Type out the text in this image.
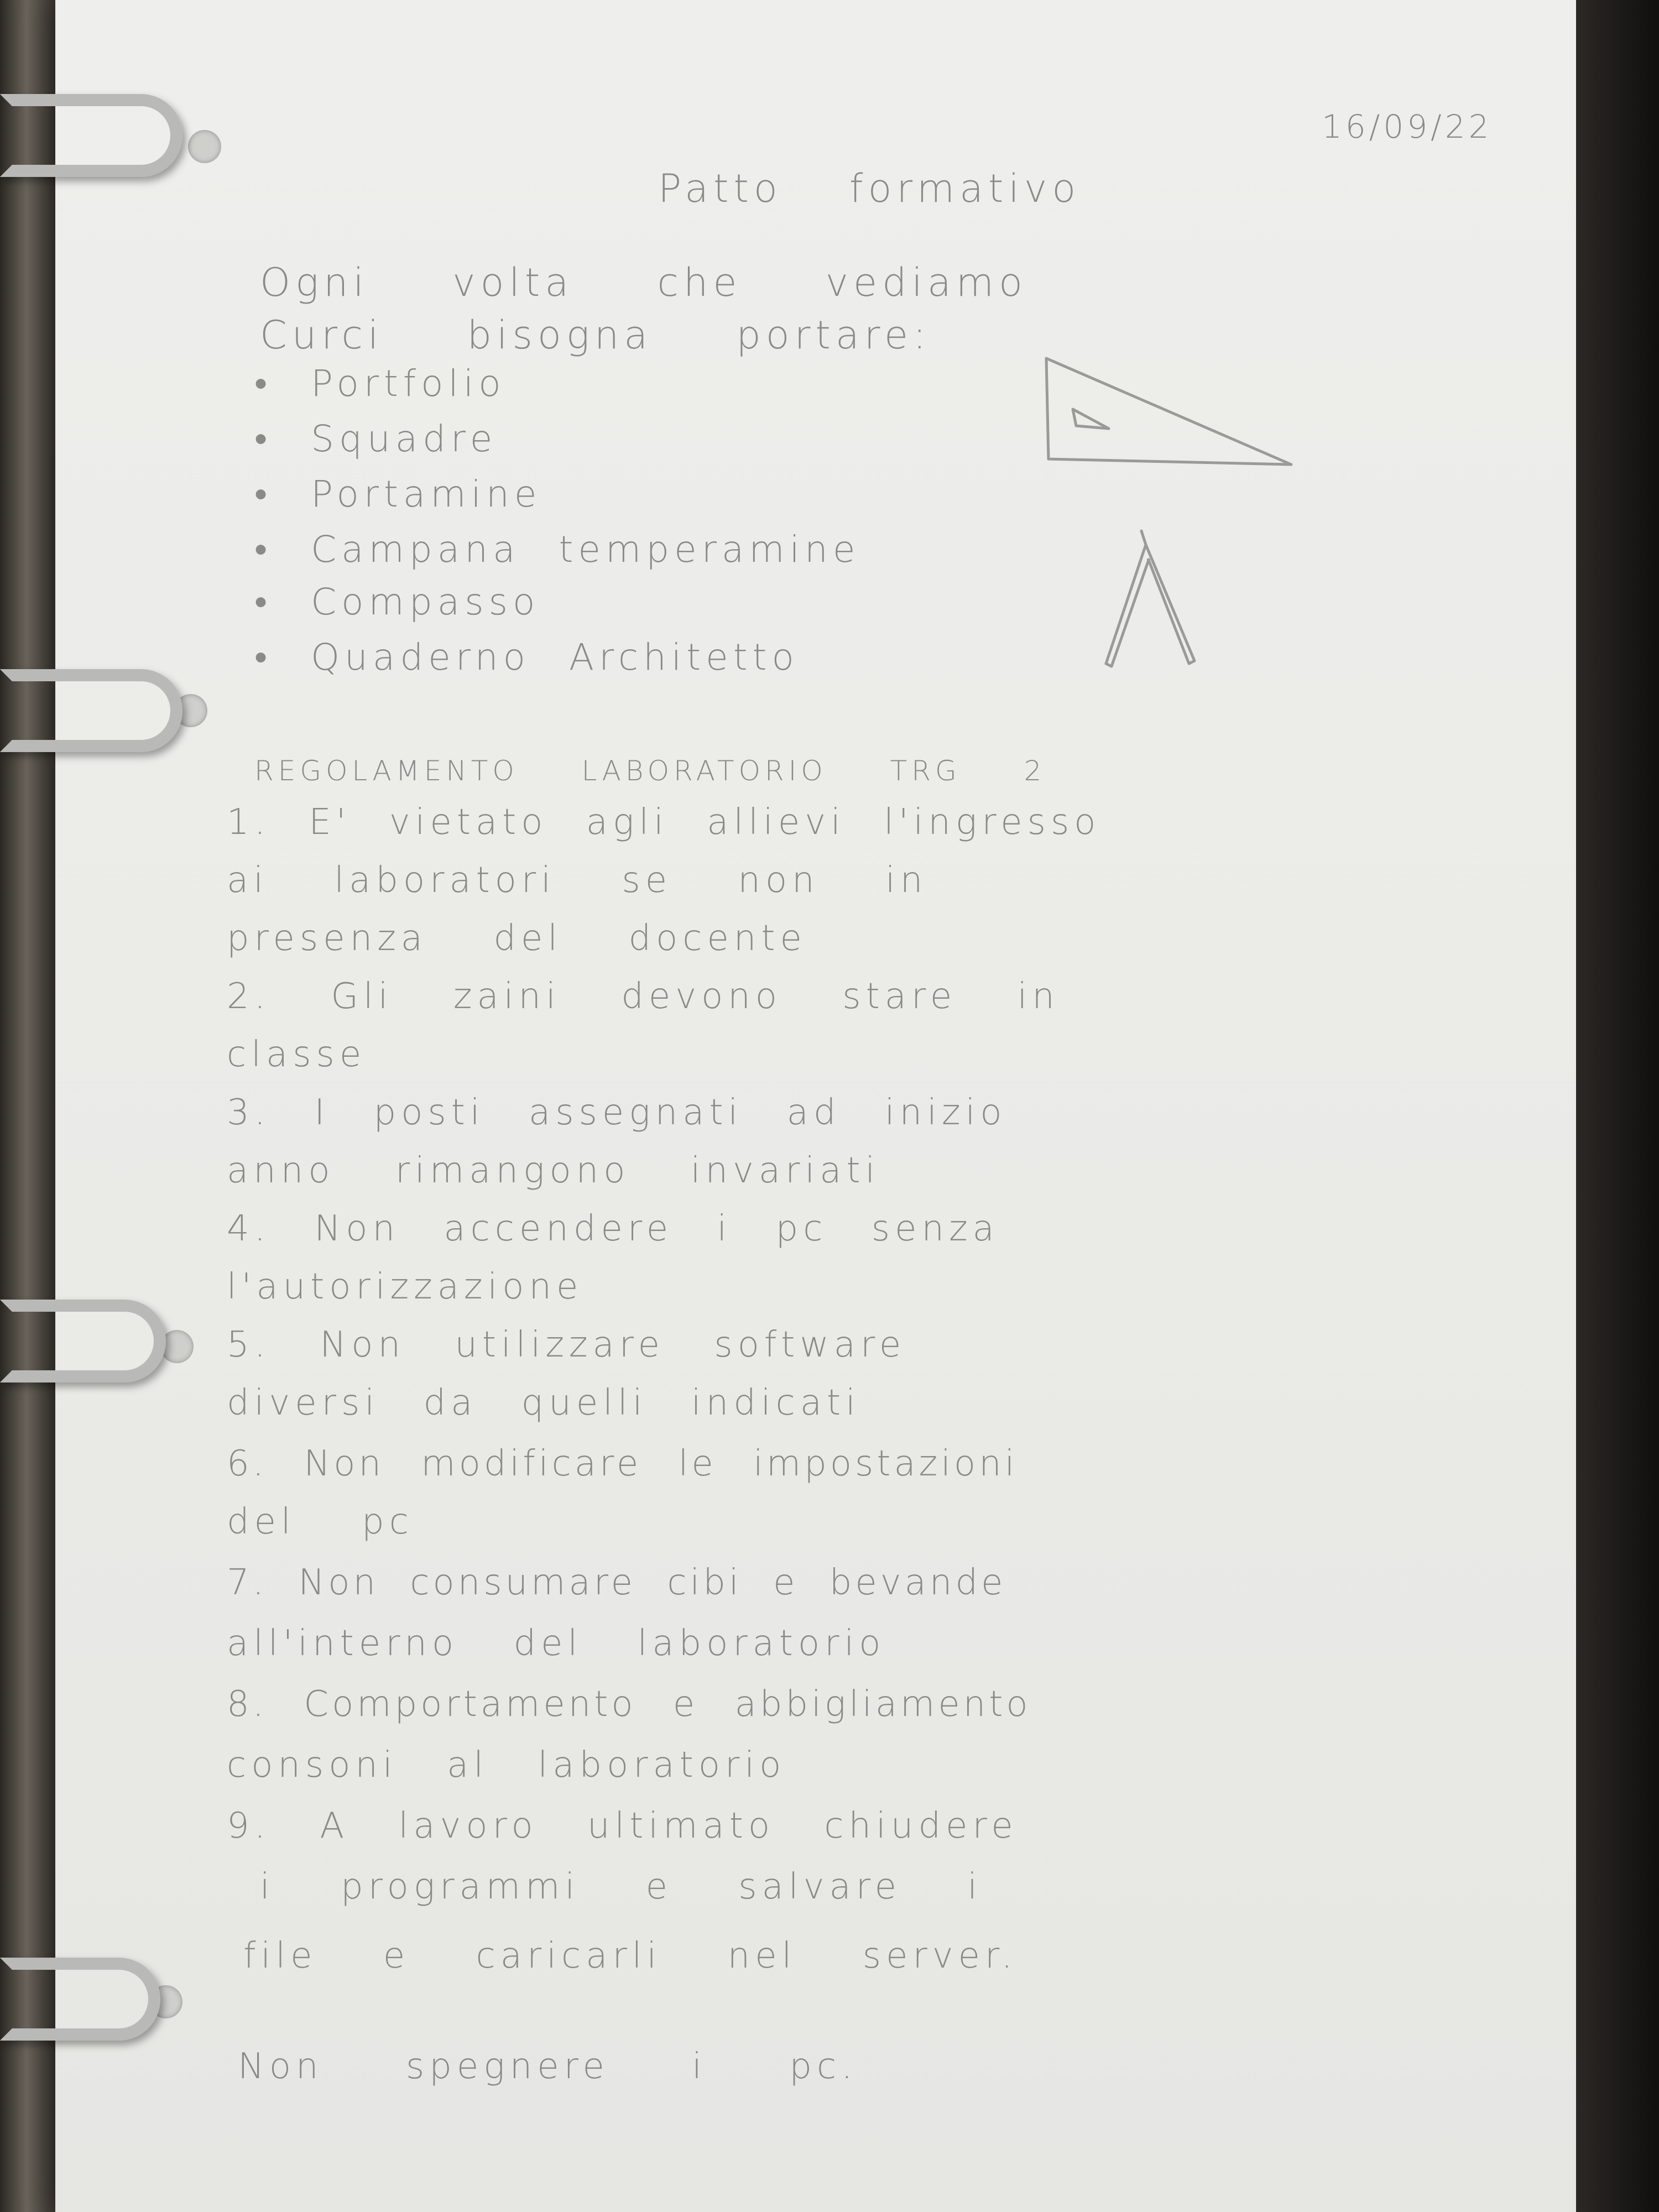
16/09/22
Patto formativo
Ogni volta che vediamo
Curci bisogna portare:
• Portfolio
• Squadre
• Portamine
• Campana temperamine
• Compasso
• Quaderno Architetto
REGOLAMENTO LABORATORIO TRG 2
1. E' vietato agli allievi l'ingresso
ai laboratori se non in
presenza del docente
2. Gli zaini devono stare in
classe
3. I posti assegnati ad inizio
anno rimangono invariati
4. Non accendere i pc senza
l'autorizzazione
5. Non utilizzare software
diversi da quelli indicati
6. Non modificare le impostazioni
del pc
7. Non consumare cibi e bevande
all'interno del laboratorio
8. Comportamento e abbigliamento
consoni al laboratorio
9. A lavoro ultimato chiudere
i programmi e salvare i
file e caricarli nel server.
Non spegnere i pc.
